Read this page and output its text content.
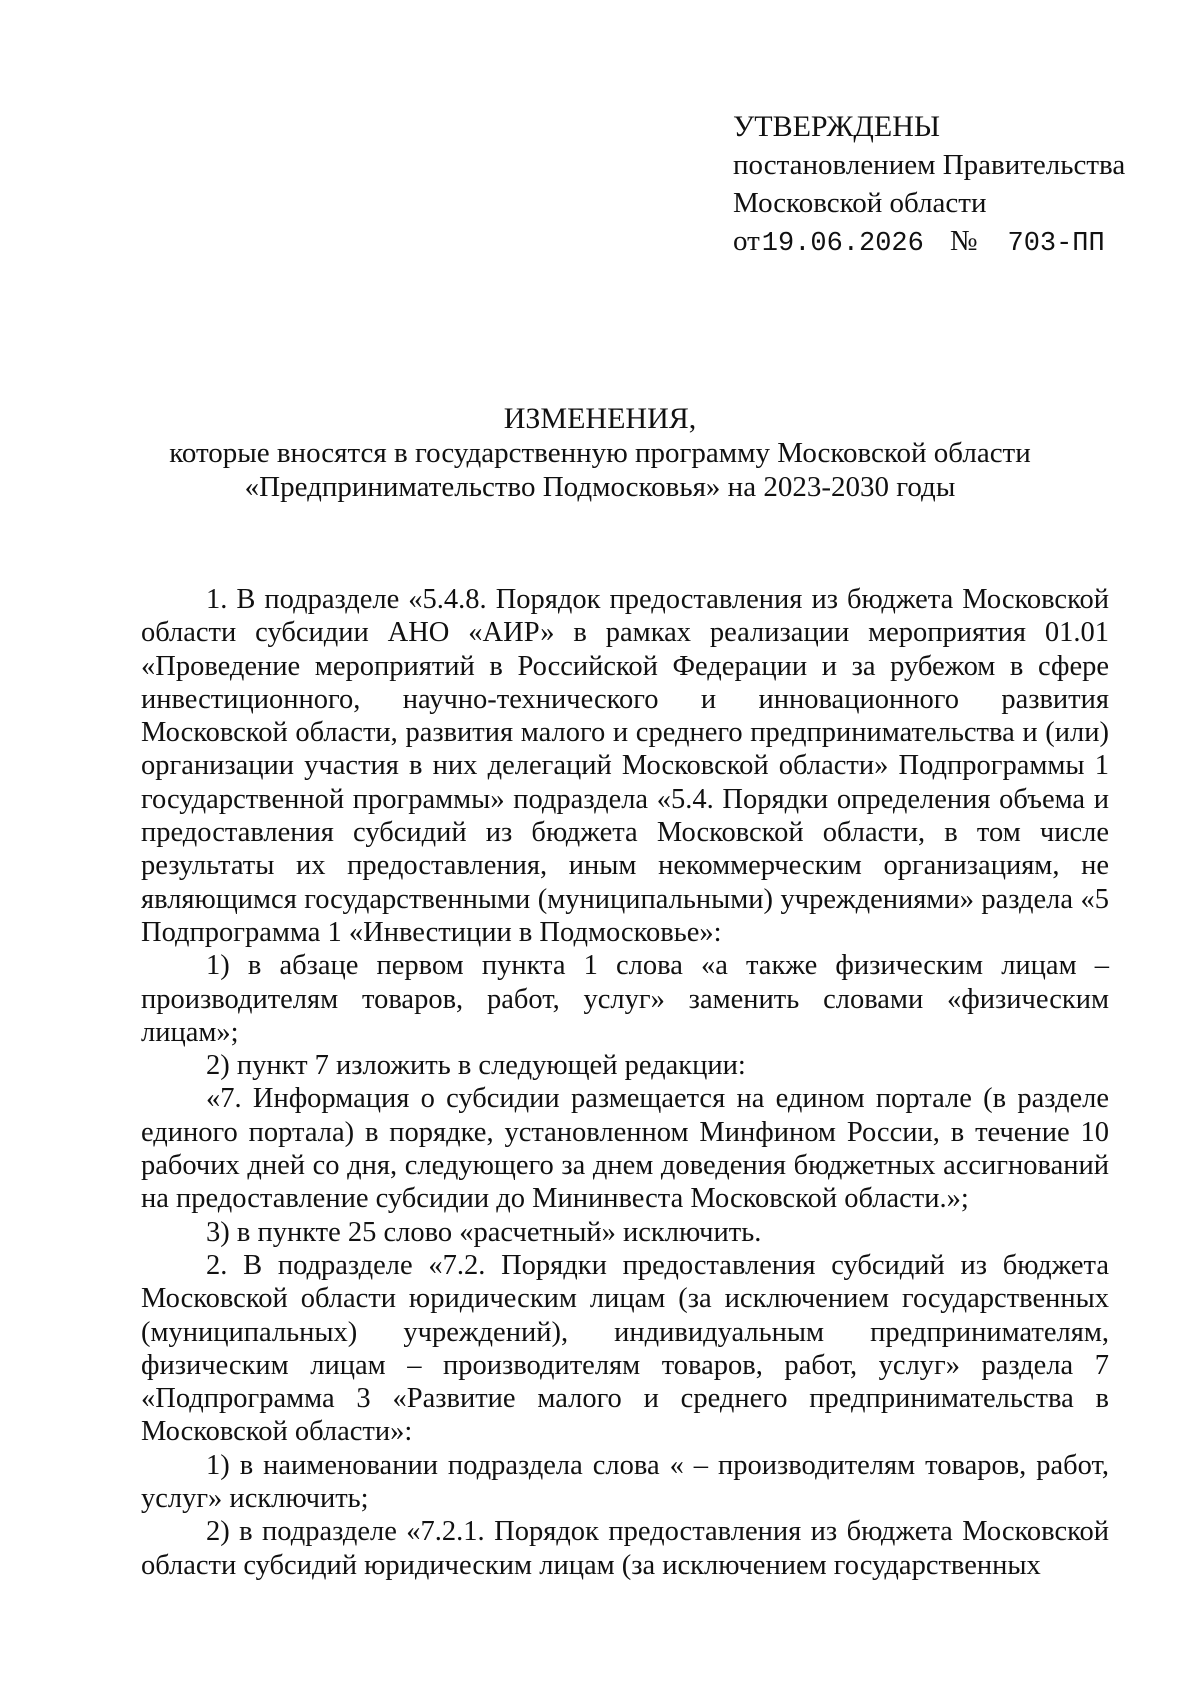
УТВЕРЖДЕНЫ
постановлением Правительства
Московской области
от19.06.2026 № 703-ПП
ИЗМЕНЕНИЯ,
которые вносятся в государственную программу Московской области
«Предпринимательство Подмосковья» на 2023-2030 годы

1. В подразделе «5.4.8. Порядок предоставления из бюджета Московской области субсидии АНО «АИР» в рамках реализации мероприятия 01.01 «Проведение мероприятий в Российской Федерации и за рубежом в сфере инвестиционного, научно-технического и инновационного развития Московской области, развития малого и среднего предпринимательства и (или) организации участия в них делегаций Московской области» Подпрограммы 1 государственной программы» подраздела «5.4. Порядки определения объема и предоставления субсидий из бюджета Московской области, в том числе результаты их предоставления, иным некоммерческим организациям, не являющимся государственными (муниципальными) учреждениями» раздела «5 Подпрограмма 1 «Инвестиции в Подмосковье»:

1) в абзаце первом пункта 1 слова «а также физическим лицам – производителям товаров, работ, услуг» заменить словами «физическим лицам»;

2) пункт 7 изложить в следующей редакции:

«7. Информация о субсидии размещается на едином портале (в разделе единого портала) в порядке, установленном Минфином России, в течение 10 рабочих дней со дня, следующего за днем доведения бюджетных ассигнований на предоставление субсидии до Мининвеста Московской области.»;

3) в пункте 25 слово «расчетный» исключить.

2. В подразделе «7.2. Порядки предоставления субсидий из бюджета Московской области юридическим лицам (за исключением государственных (муниципальных) учреждений), индивидуальным предпринимателям, физическим лицам – производителям товаров, работ, услуг» раздела 7 «Подпрограмма 3 «Развитие малого и среднего предпринимательства в Московской области»:

1) в наименовании подраздела слова « – производителям товаров, работ, услуг» исключить;

2) в подразделе «7.2.1. Порядок предоставления из бюджета Московской области субсидий юридическим лицам (за исключением государственных
